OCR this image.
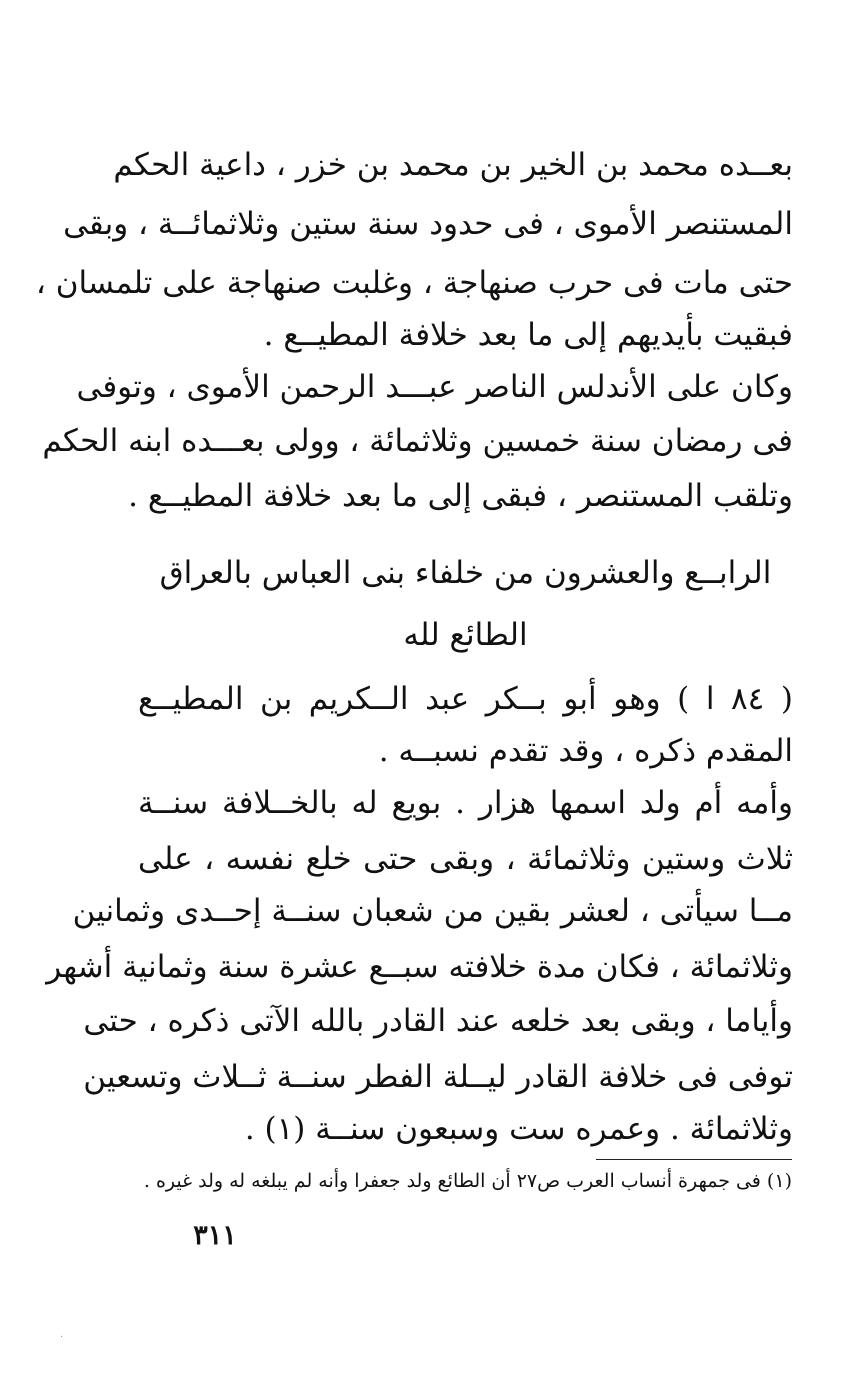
بعــده محمد بن الخير بن محمد بن خزر ، داعية الحكم
المستنصر الأموى ، فى حدود سنة ستين وثلاثمائــة ، وبقى
حتى مات فى حرب صنهاجة ، وغلبت صنهاجة على تلمسان ،
فبقيت بأيديهم إلى ما بعد خلافة المطيــع .
وكان على الأندلس الناصر عبـــد الرحمن الأموى ، وتوفى
فى رمضان سنة خمسين وثلاثمائة ، وولى بعـــده ابنه الحكم
وتلقب المستنصر ، فبقى إلى ما بعد خلافة المطيــع .
الرابــع والعشرون من خلفاء بنى العباس بالعراق
الطائع لله
( ٨٤ ا ) وهو أبو بــكر عبد الــكريم بن المطيــع
المقدم ذكره ، وقد تقدم نسبــه .
وأمه أم ولد اسمها هزار . بويع له بالخــلافة سنــة
ثلاث وستين وثلاثمائة ، وبقى حتى خلع نفسه ، على
مــا سيأتى ، لعشر بقين من شعبان سنــة إحــدى وثمانين
وثلاثمائة ، فكان مدة خلافته سبــع عشرة سنة وثمانية أشهر
وأياما ، وبقى بعد خلعه عند القادر بالله الآتى ذكره ، حتى
توفى فى خلافة القادر ليــلة الفطر سنــة ثــلاث وتسعين
وثلاثمائة . وعمره ست وسبعون سنــة (١) .
(١) فى جمهرة أنساب العرب ص٢٧ أن الطائع ولد جعفرا وأنه لم يبلغه له ولد غيره .
٣١١
·
